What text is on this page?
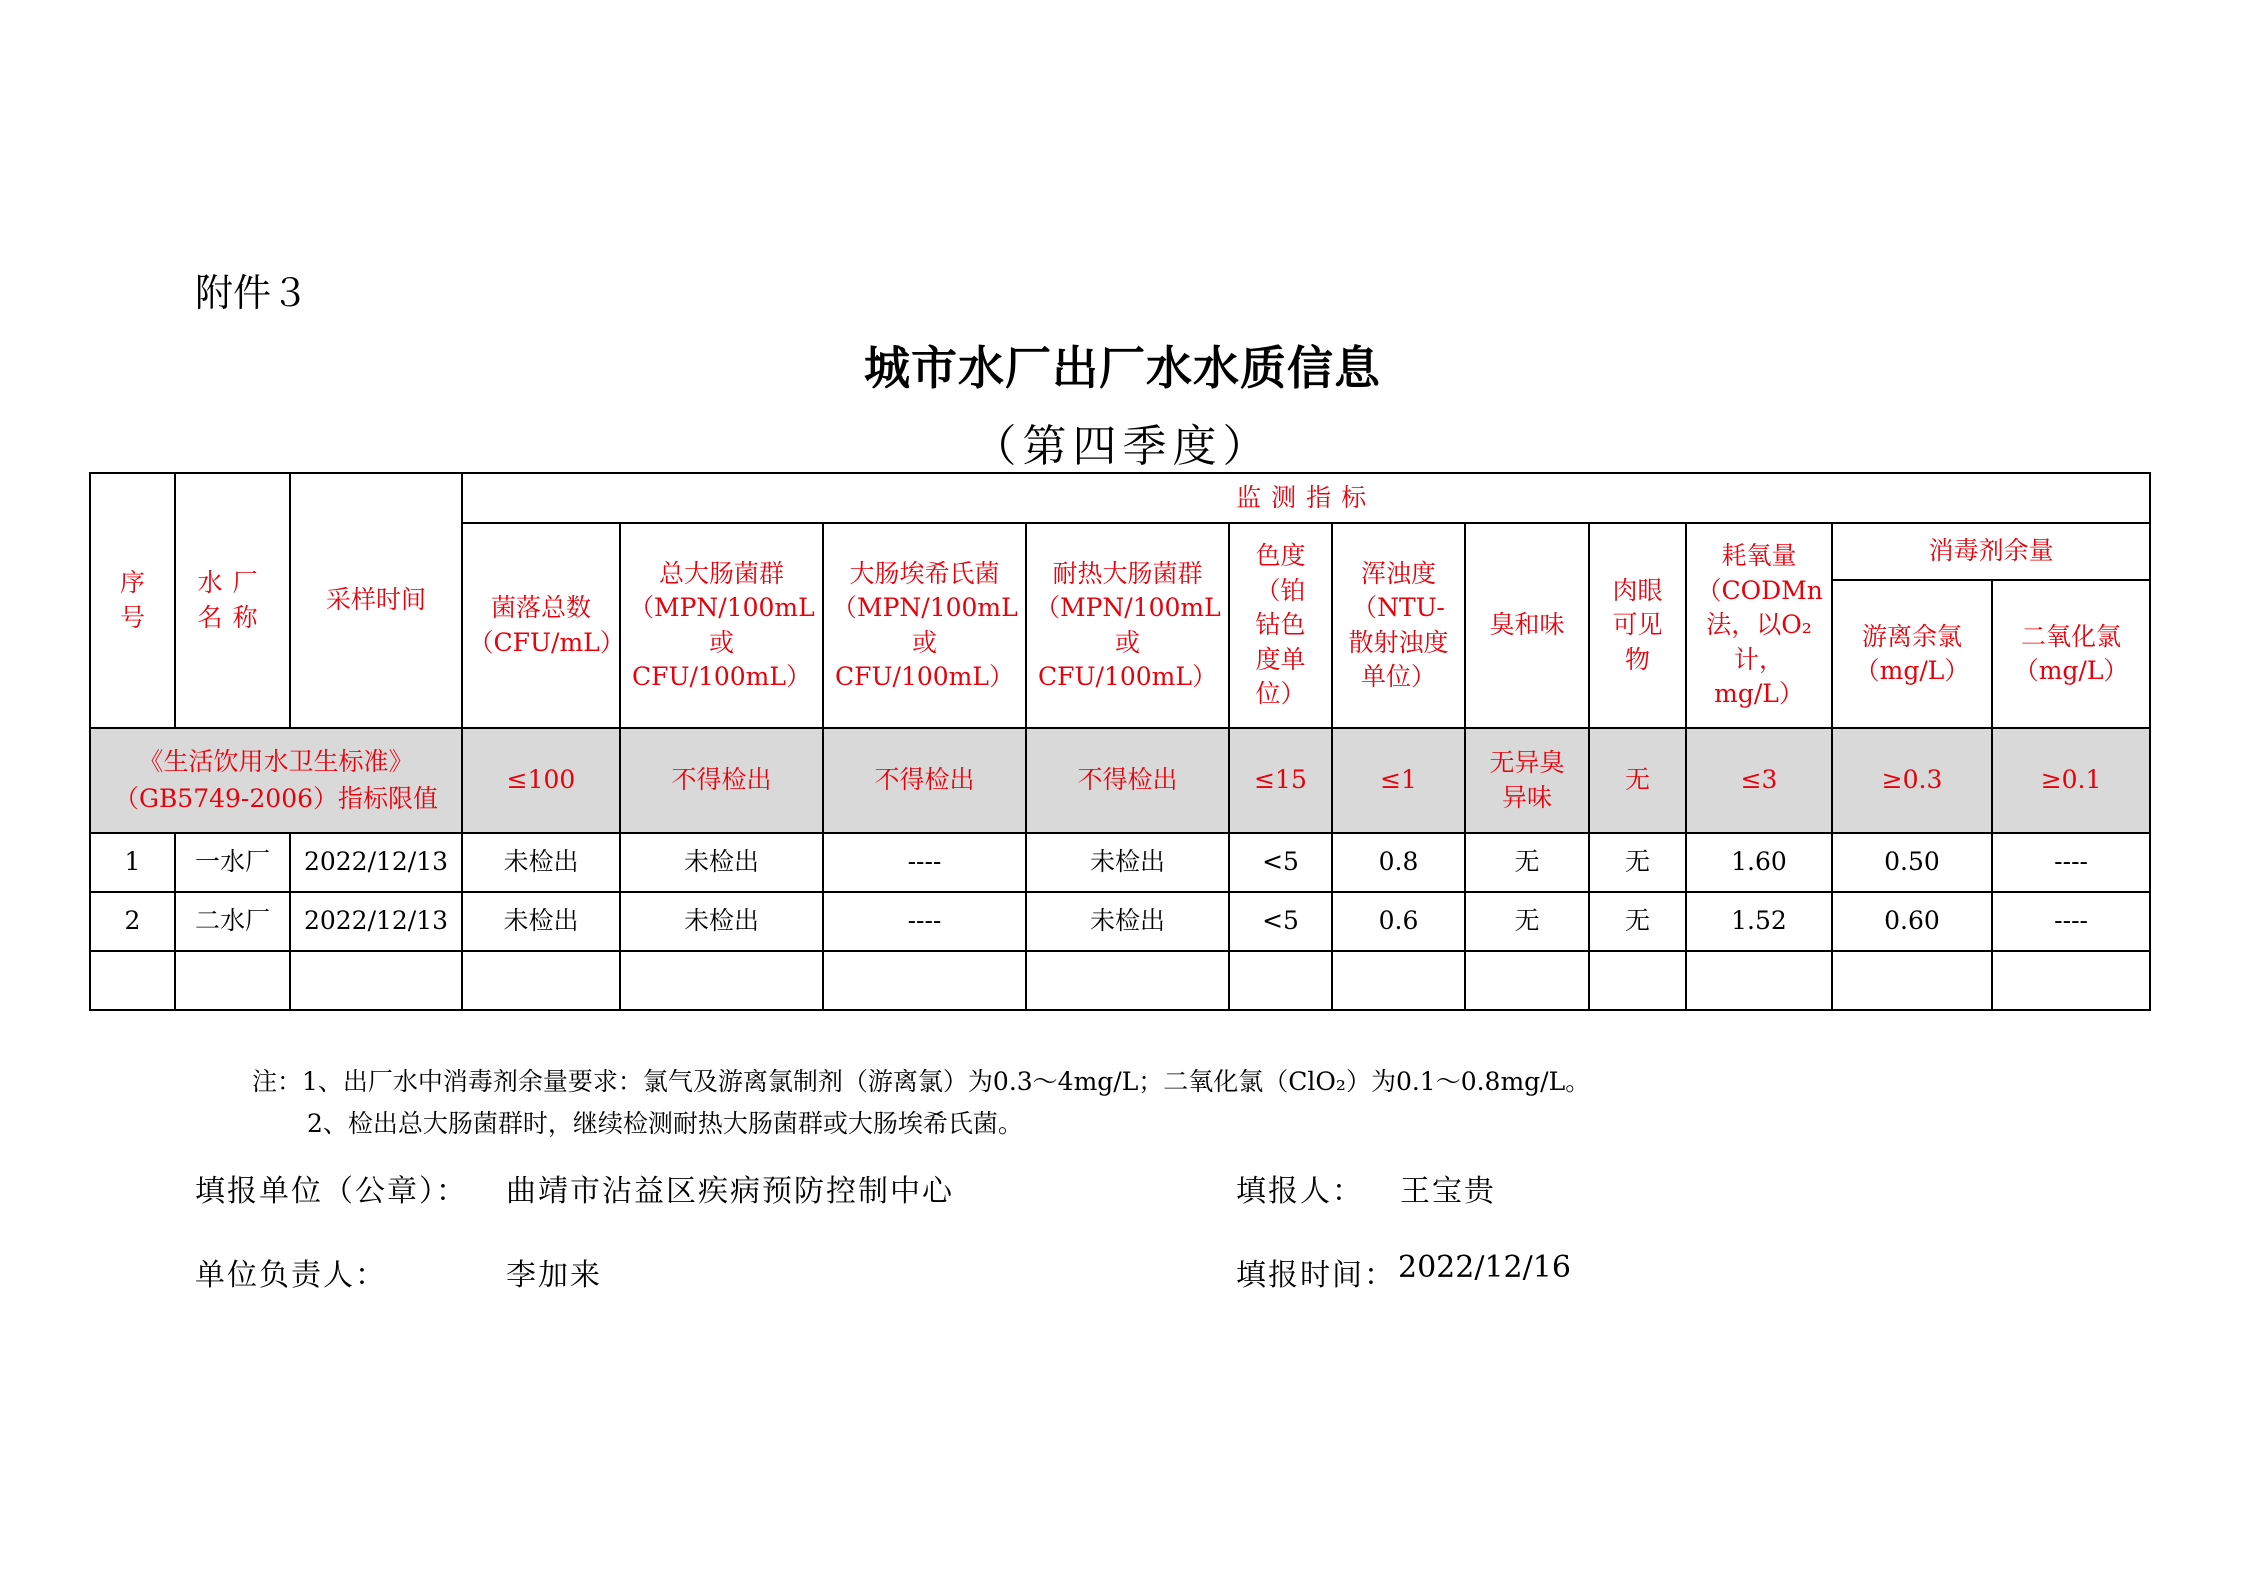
附件３
城市水厂出厂水水质信息
（第四季度）
序号	水厂名称	采样时间	监测指标										
			菌落总数（CFU/mL）	总大肠菌群（MPN/100mL或CFU/100mL）	大肠埃希氏菌（MPN/100mL或CFU/100mL）	耐热大肠菌群（MPN/100mL或CFU/100mL）	色度（铂钴色度单位）	浑浊度（NTU-散射浊度单位）	臭和味	肉眼可见物	耗氧量（CODMn法，以O₂计，mg/L）	消毒剂余量	
												游离余氯（mg/L）	二氧化氯（mg/L）
《生活饮用水卫生标准》（GB5749-2006）指标限值			≤100	不得检出	不得检出	不得检出	≤15	≤1	无异臭异味	无	≤3	≥0.3	≥0.1
1	一水厂	2022/12/13	未检出	未检出	----	未检出	<5	0.8	无	无	1.60	0.50	----
2	二水厂	2022/12/13	未检出	未检出	----	未检出	<5	0.6	无	无	1.52	0.60	----

注：1、出厂水中消毒剂余量要求：氯气及游离氯制剂（游离氯）为0.3～4mg/L；二氧化氯（ClO₂）为0.1～0.8mg/L。
2、检出总大肠菌群时，继续检测耐热大肠菌群或大肠埃希氏菌。
填报单位（公章）： 曲靖市沾益区疾病预防控制中心	填报人： 王宝贵
单位负责人：	李加来	填报时间： 2022/12/16
